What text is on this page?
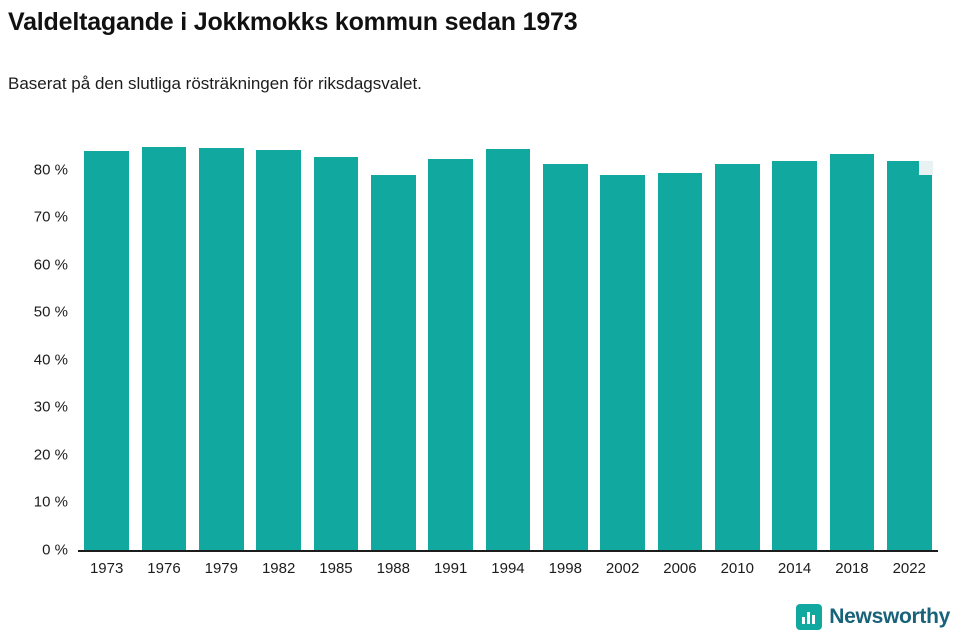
Valdeltagande i Jokkmokks kommun sedan 1973
Baserat på den slutliga rösträkningen för riksdagsvalet.
0 %
10 %
20 %
30 %
40 %
50 %
60 %
70 %
80 %
1973	1976	1979	1982	1985	1988	1991	1994	1998	2002	2006	2010	2014	2018	2022
Newsworthy
